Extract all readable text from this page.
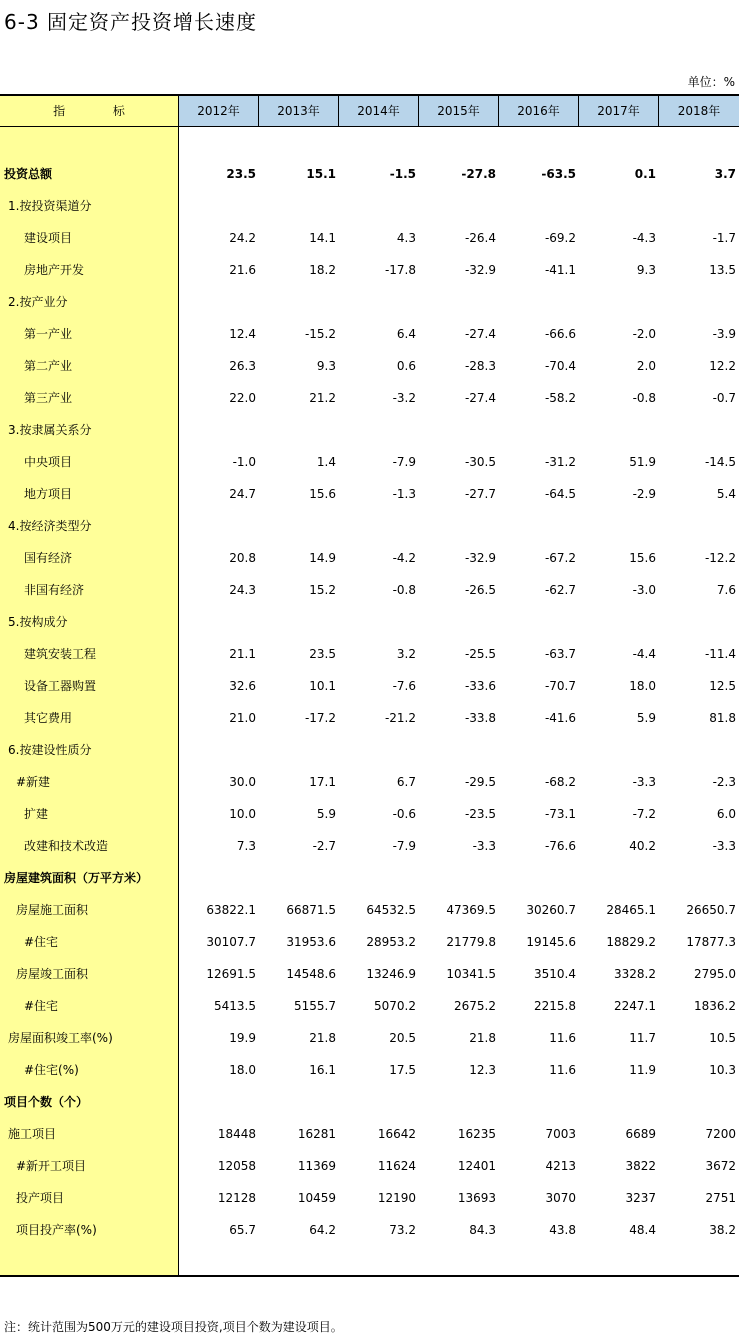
6-3 固定资产投资增长速度
单位：%
指 标	2012年	2013年	2014年	2015年	2016年	2017年	2018年
投资总额	23.5	15.1	-1.5	-27.8	-63.5	0.1	3.7
1.按投资渠道分
建设项目	24.2	14.1	4.3	-26.4	-69.2	-4.3	-1.7
房地产开发	21.6	18.2	-17.8	-32.9	-41.1	9.3	13.5
2.按产业分
第一产业	12.4	-15.2	6.4	-27.4	-66.6	-2.0	-3.9
第二产业	26.3	9.3	0.6	-28.3	-70.4	2.0	12.2
第三产业	22.0	21.2	-3.2	-27.4	-58.2	-0.8	-0.7
3.按隶属关系分
中央项目	-1.0	1.4	-7.9	-30.5	-31.2	51.9	-14.5
地方项目	24.7	15.6	-1.3	-27.7	-64.5	-2.9	5.4
4.按经济类型分
国有经济	20.8	14.9	-4.2	-32.9	-67.2	15.6	-12.2
非国有经济	24.3	15.2	-0.8	-26.5	-62.7	-3.0	7.6
5.按构成分
建筑安装工程	21.1	23.5	3.2	-25.5	-63.7	-4.4	-11.4
设备工器购置	32.6	10.1	-7.6	-33.6	-70.7	18.0	12.5
其它费用	21.0	-17.2	-21.2	-33.8	-41.6	5.9	81.8
6.按建设性质分
#新建	30.0	17.1	6.7	-29.5	-68.2	-3.3	-2.3
扩建	10.0	5.9	-0.6	-23.5	-73.1	-7.2	6.0
改建和技术改造	7.3	-2.7	-7.9	-3.3	-76.6	40.2	-3.3
房屋建筑面积（万平方米）
房屋施工面积	63822.1	66871.5	64532.5	47369.5	30260.7	28465.1	26650.7
#住宅	30107.7	31953.6	28953.2	21779.8	19145.6	18829.2	17877.3
房屋竣工面积	12691.5	14548.6	13246.9	10341.5	3510.4	3328.2	2795.0
#住宅	5413.5	5155.7	5070.2	2675.2	2215.8	2247.1	1836.2
房屋面积竣工率(%)	19.9	21.8	20.5	21.8	11.6	11.7	10.5
#住宅(%)	18.0	16.1	17.5	12.3	11.6	11.9	10.3
项目个数（个）
施工项目	18448	16281	16642	16235	7003	6689	7200
#新开工项目	12058	11369	11624	12401	4213	3822	3672
投产项目	12128	10459	12190	13693	3070	3237	2751
项目投产率(%)	65.7	64.2	73.2	84.3	43.8	48.4	38.2
注：统计范围为500万元的建设项目投资,项目个数为建设项目。
